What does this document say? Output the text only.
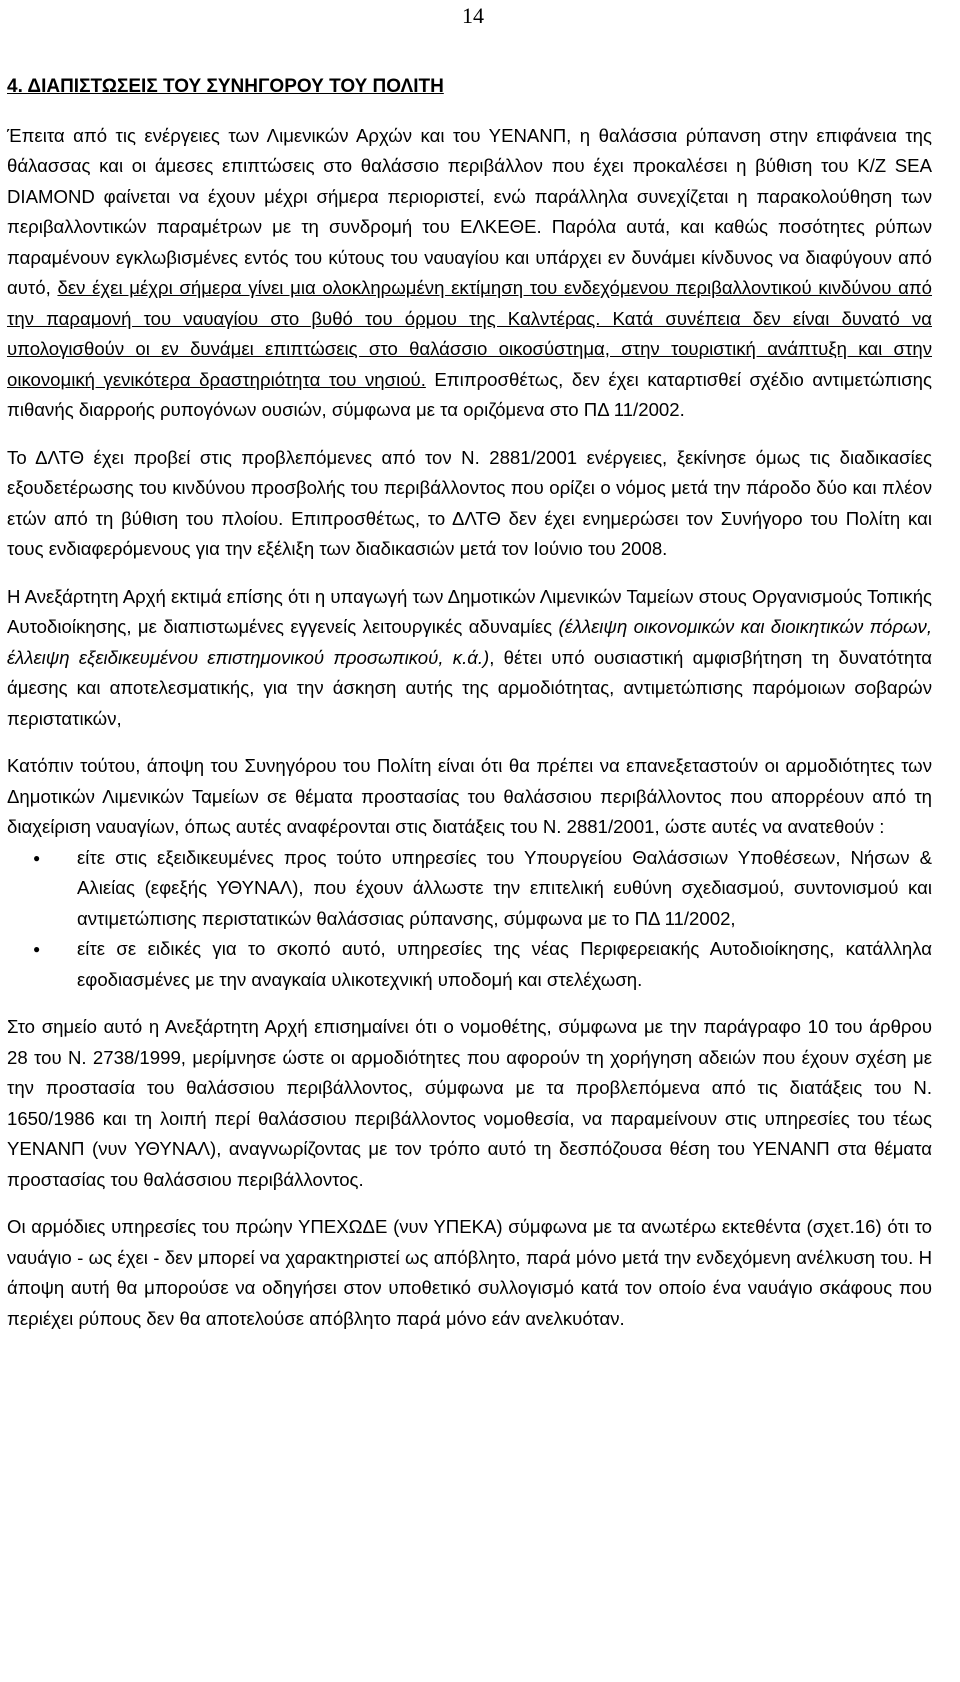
14

4. ΔΙΑΠΙΣΤΩΣΕΙΣ ΤΟΥ ΣΥΝΗΓΟΡΟΥ ΤΟΥ ΠΟΛΙΤΗ

Έπειτα από τις ενέργειες των Λιμενικών Αρχών και του ΥΕΝΑΝΠ, η θαλάσσια ρύπανση στην επιφάνεια της θάλασσας και οι άμεσες επιπτώσεις στο θαλάσσιο περιβάλλον που έχει προκαλέσει η βύθιση του Κ/Ζ SEA DIAMOND φαίνεται να έχουν μέχρι σήμερα περιοριστεί, ενώ παράλληλα συνεχίζεται η παρακολούθηση των περιβαλλοντικών παραμέτρων με τη συνδρομή του ΕΛΚΕΘΕ. Παρόλα αυτά, και καθώς ποσότητες ρύπων παραμένουν εγκλωβισμένες εντός του κύτους του ναυαγίου και υπάρχει εν δυνάμει κίνδυνος να διαφύγουν από αυτό, δεν έχει μέχρι σήμερα γίνει μια ολοκληρωμένη εκτίμηση του ενδεχόμενου περιβαλλοντικού κινδύνου από την παραμονή του ναυαγίου στο βυθό του όρμου της Καλντέρας. Κατά συνέπεια δεν είναι δυνατό να υπολογισθούν οι εν δυνάμει επιπτώσεις στο θαλάσσιο οικοσύστημα, στην τουριστική ανάπτυξη και στην οικονομική γενικότερα δραστηριότητα του νησιού. Επιπροσθέτως, δεν έχει καταρτισθεί σχέδιο αντιμετώπισης πιθανής διαρροής ρυπογόνων ουσιών, σύμφωνα με τα οριζόμενα στο ΠΔ 11/2002.

Το ΔΛΤΘ έχει προβεί στις προβλεπόμενες από τον Ν. 2881/2001 ενέργειες, ξεκίνησε όμως τις διαδικασίες εξουδετέρωσης του κινδύνου προσβολής του περιβάλλοντος που ορίζει ο νόμος μετά την πάροδο δύο και πλέον ετών από τη βύθιση του πλοίου. Επιπροσθέτως, το ΔΛΤΘ δεν έχει ενημερώσει τον Συνήγορο του Πολίτη και τους ενδιαφερόμενους για την εξέλιξη των διαδικασιών μετά τον Ιούνιο του 2008.

Η Ανεξάρτητη Αρχή εκτιμά επίσης ότι η υπαγωγή των Δημοτικών Λιμενικών Ταμείων στους Οργανισμούς Τοπικής Αυτοδιοίκησης, με διαπιστωμένες εγγενείς λειτουργικές αδυναμίες (έλλειψη οικονομικών και διοικητικών πόρων, έλλειψη εξειδικευμένου επιστημονικού προσωπικού, κ.ά.), θέτει υπό ουσιαστική αμφισβήτηση τη δυνατότητα άμεσης και αποτελεσματικής, για την άσκηση αυτής της αρμοδιότητας, αντιμετώπισης παρόμοιων σοβαρών περιστατικών,

Κατόπιν τούτου, άποψη του Συνηγόρου του Πολίτη είναι ότι θα πρέπει να επανεξεταστούν οι αρμοδιότητες των Δημοτικών Λιμενικών Ταμείων σε θέματα προστασίας του θαλάσσιου περιβάλλοντος που απορρέουν από τη διαχείριση ναυαγίων, όπως αυτές αναφέρονται στις διατάξεις του Ν. 2881/2001, ώστε αυτές να ανατεθούν :

● είτε στις εξειδικευμένες προς τούτο υπηρεσίες του Υπουργείου Θαλάσσιων Υποθέσεων, Νήσων & Αλιείας (εφεξής ΥΘΥΝΑΛ), που έχουν άλλωστε την επιτελική ευθύνη σχεδιασμού, συντονισμού και αντιμετώπισης περιστατικών θαλάσσιας ρύπανσης, σύμφωνα με το ΠΔ 11/2002,
● είτε σε ειδικές για το σκοπό αυτό, υπηρεσίες της νέας Περιφερειακής Αυτοδιοίκησης, κατάλληλα εφοδιασμένες με την αναγκαία υλικοτεχνική υποδομή και στελέχωση.

Στο σημείο αυτό η Ανεξάρτητη Αρχή επισημαίνει ότι ο νομοθέτης, σύμφωνα με την παράγραφο 10 του άρθρου 28 του Ν. 2738/1999, μερίμνησε ώστε οι αρμοδιότητες που αφορούν τη χορήγηση αδειών που έχουν σχέση με την προστασία του θαλάσσιου περιβάλλοντος, σύμφωνα με τα προβλεπόμενα από τις διατάξεις του Ν. 1650/1986 και τη λοιπή περί θαλάσσιου περιβάλλοντος νομοθεσία, να παραμείνουν στις υπηρεσίες του τέως ΥΕΝΑΝΠ (νυν ΥΘΥΝΑΛ), αναγνωρίζοντας με τον τρόπο αυτό τη δεσπόζουσα θέση του ΥΕΝΑΝΠ στα θέματα προστασίας του θαλάσσιου περιβάλλοντος.

Οι αρμόδιες υπηρεσίες του πρώην ΥΠΕΧΩΔΕ (νυν ΥΠΕΚΑ) σύμφωνα με τα ανωτέρω εκτεθέντα (σχετ.16) ότι το ναυάγιο - ως έχει - δεν μπορεί να χαρακτηριστεί ως απόβλητο, παρά μόνο μετά την ενδεχόμενη ανέλκυση του. Η άποψη αυτή θα μπορούσε να οδηγήσει στον υποθετικό συλλογισμό κατά τον οποίο ένα ναυάγιο σκάφους που περιέχει ρύπους δεν θα αποτελούσε απόβλητο παρά μόνο εάν ανελκυόταν.
